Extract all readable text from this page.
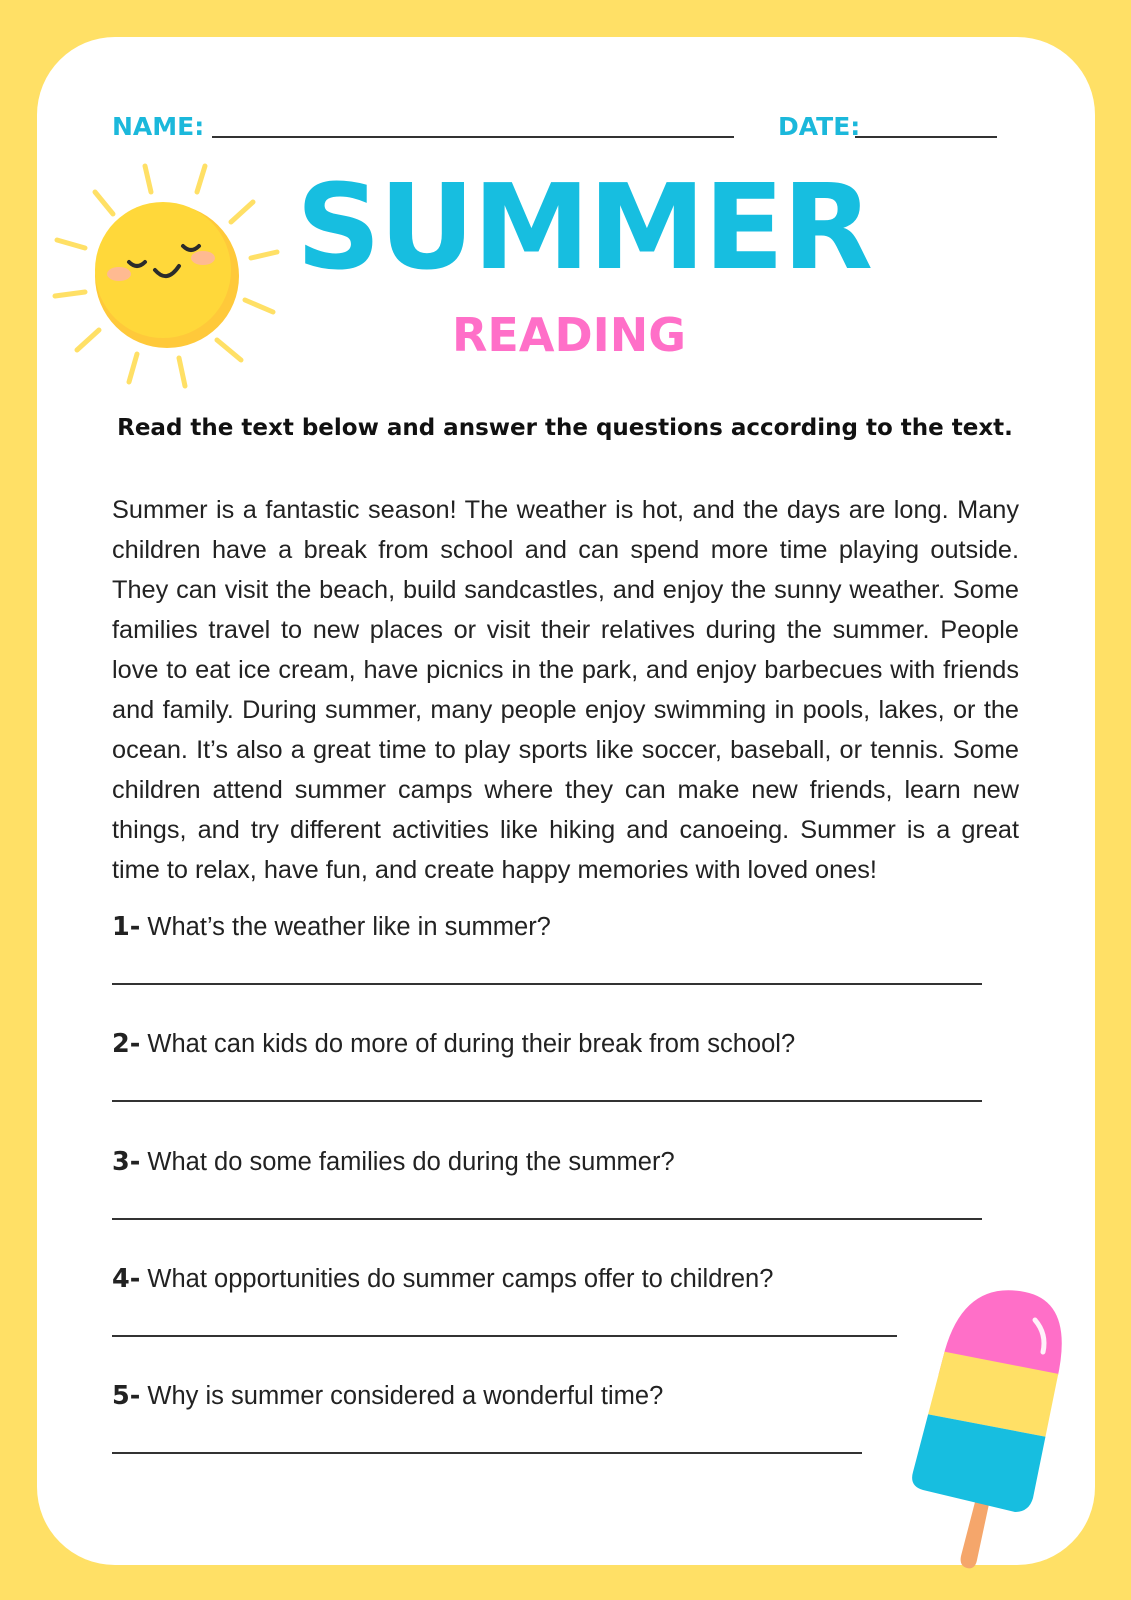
NAME:	DATE:
SUMMER
READING
Read the text below and answer the questions according to the text.
Summer is a fantastic season! The weather is hot, and the days are long. Many children have a break from school and can spend more time playing outside. They can visit the beach, build sandcastles, and enjoy the sunny weather. Some families travel to new places or visit their relatives during the summer. People love to eat ice cream, have picnics in the park, and enjoy barbecues with friends and family. During summer, many people enjoy swimming in pools, lakes, or the ocean. It’s also a great time to play sports like soccer, baseball, or tennis. Some children attend summer camps where they can make new friends, learn new things, and try different activities like hiking and canoeing. Summer is a great time to relax, have fun, and create happy memories with loved ones!
1- What’s the weather like in summer?
2- What can kids do more of during their break from school?
3- What do some families do during the summer?
4- What opportunities do summer camps offer to children?
5- Why is summer considered a wonderful time?
